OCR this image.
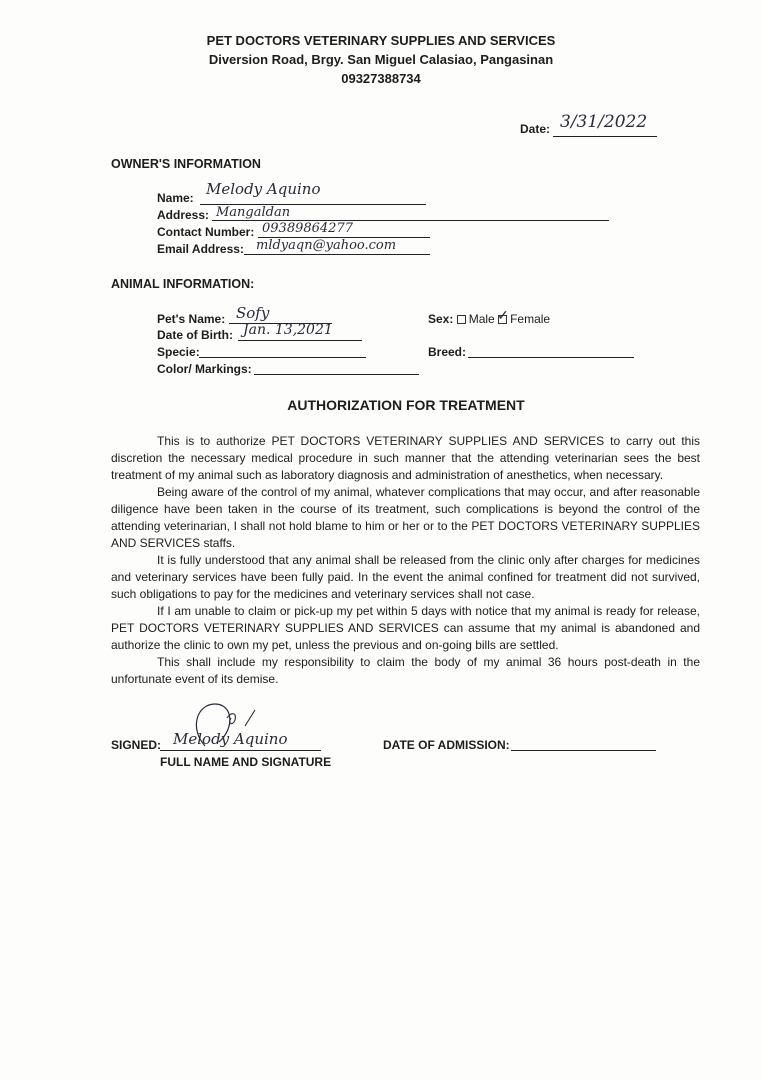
PET DOCTORS VETERINARY SUPPLIES AND SERVICES
Diversion Road, Brgy. San Miguel Calasiao, Pangasinan
09327388734
Date: 3/31/2022
OWNER'S INFORMATION
Name: Melody Aquino
Address: Mangaldan
Contact Number: 09389864277
Email Address: mldyaqn@yahoo.com
ANIMAL INFORMATION:
Pet's Name: Sofy
Date of Birth: Jan. 13,2021
Specie:
Color/ Markings:
Sex: Male ✓ Female
Breed:
AUTHORIZATION FOR TREATMENT

This is to authorize PET DOCTORS VETERINARY SUPPLIES AND SERVICES to carry out this discretion the necessary medical procedure in such manner that the attending veterinarian sees the best treatment of my animal such as laboratory diagnosis and administration of anesthetics, when necessary.

Being aware of the control of my animal, whatever complications that may occur, and after reasonable diligence have been taken in the course of its treatment, such complications is beyond the control of the attending veterinarian, I shall not hold blame to him or her or to the PET DOCTORS VETERINARY SUPPLIES AND SERVICES staffs.

It is fully understood that any animal shall be released from the clinic only after charges for medicines and veterinary services have been fully paid. In the event the animal confined for treatment did not survived, such obligations to pay for the medicines and veterinary services shall not case.

If I am unable to claim or pick-up my pet within 5 days with notice that my animal is ready for release, PET DOCTORS VETERINARY SUPPLIES AND SERVICES can assume that my animal is abandoned and authorize the clinic to own my pet, unless the previous and on-going bills are settled.

This shall include my responsibility to claim the body of my animal 36 hours post-death in the unfortunate event of its demise.

SIGNED: Melody Aquino
FULL NAME AND SIGNATURE
DATE OF ADMISSION:
